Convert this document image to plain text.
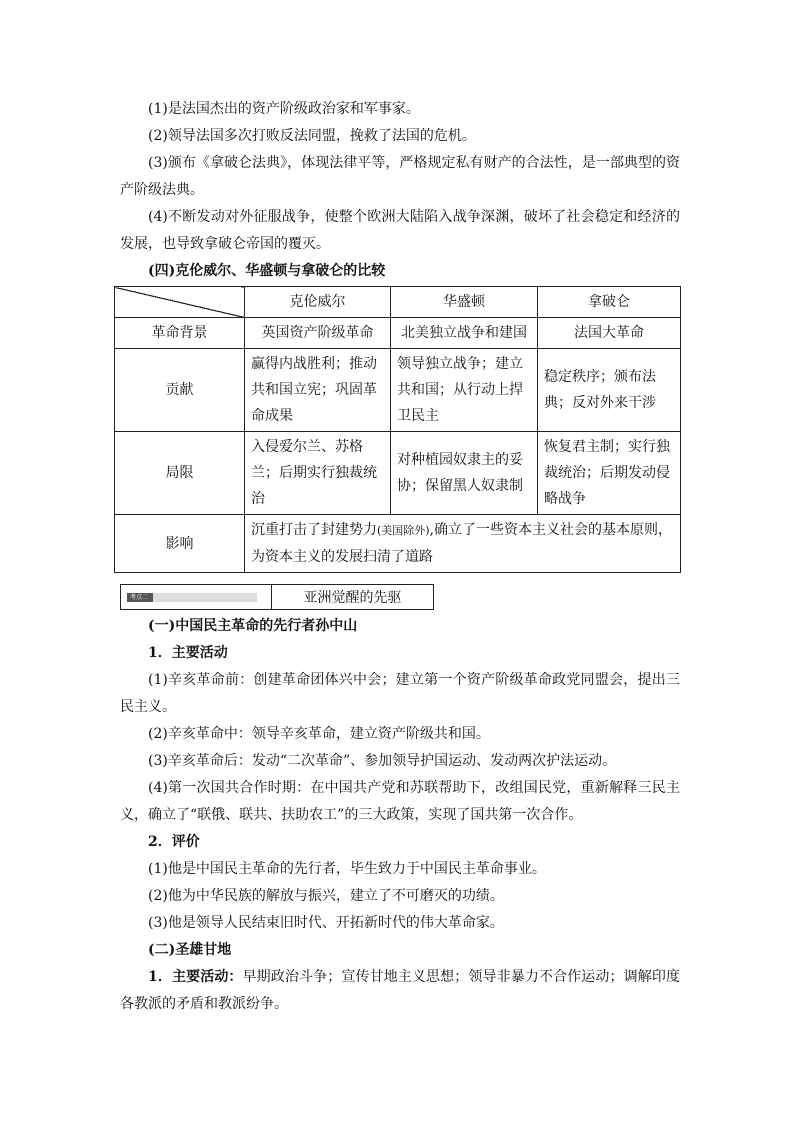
(1)是法国杰出的资产阶级政治家和军事家。

(2)领导法国多次打败反法同盟，挽救了法国的危机。

(3)颁布《拿破仑法典》，体现法律平等，严格规定私有财产的合法性，是一部典型的资产阶级法典。

(4)不断发动对外征服战争，使整个欧洲大陆陷入战争深渊，破坏了社会稳定和经济的发展，也导致拿破仑帝国的覆灭。

(四)克伦威尔、华盛顿与拿破仑的比较

	克伦威尔	华盛顿	拿破仑
革命背景	英国资产阶级革命	北美独立战争和建国	法国大革命
贡献	赢得内战胜利；推动共和国立宪；巩固革命成果	领导独立战争；建立共和国；从行动上捍卫民主	稳定秩序；颁布法典；反对外来干涉
局限	入侵爱尔兰、苏格兰；后期实行独裁统治	对种植园奴隶主的妥协；保留黑人奴隶制	恢复君主制；实行独裁统治；后期发动侵略战争
影响	沉重打击了封建势力(美国除外),确立了一些资本主义社会的基本原则，为资本主义的发展扫清了道路		
考点二	亚洲觉醒的先驱

(一)中国民主革命的先行者孙中山

1．主要活动

(1)辛亥革命前：创建革命团体兴中会；建立第一个资产阶级革命政党同盟会，提出三民主义。

(2)辛亥革命中：领导辛亥革命，建立资产阶级共和国。

(3)辛亥革命后：发动“二次革命”、参加领导护国运动、发动两次护法运动。

(4)第一次国共合作时期：在中国共产党和苏联帮助下，改组国民党，重新解释三民主义，确立了“联俄、联共、扶助农工”的三大政策，实现了国共第一次合作。

2．评价

(1)他是中国民主革命的先行者，毕生致力于中国民主革命事业。

(2)他为中华民族的解放与振兴，建立了不可磨灭的功绩。

(3)他是领导人民结束旧时代、开拓新时代的伟大革命家。

(二)圣雄甘地

1．主要活动：早期政治斗争；宣传甘地主义思想；领导非暴力不合作运动；调解印度各教派的矛盾和教派纷争。
